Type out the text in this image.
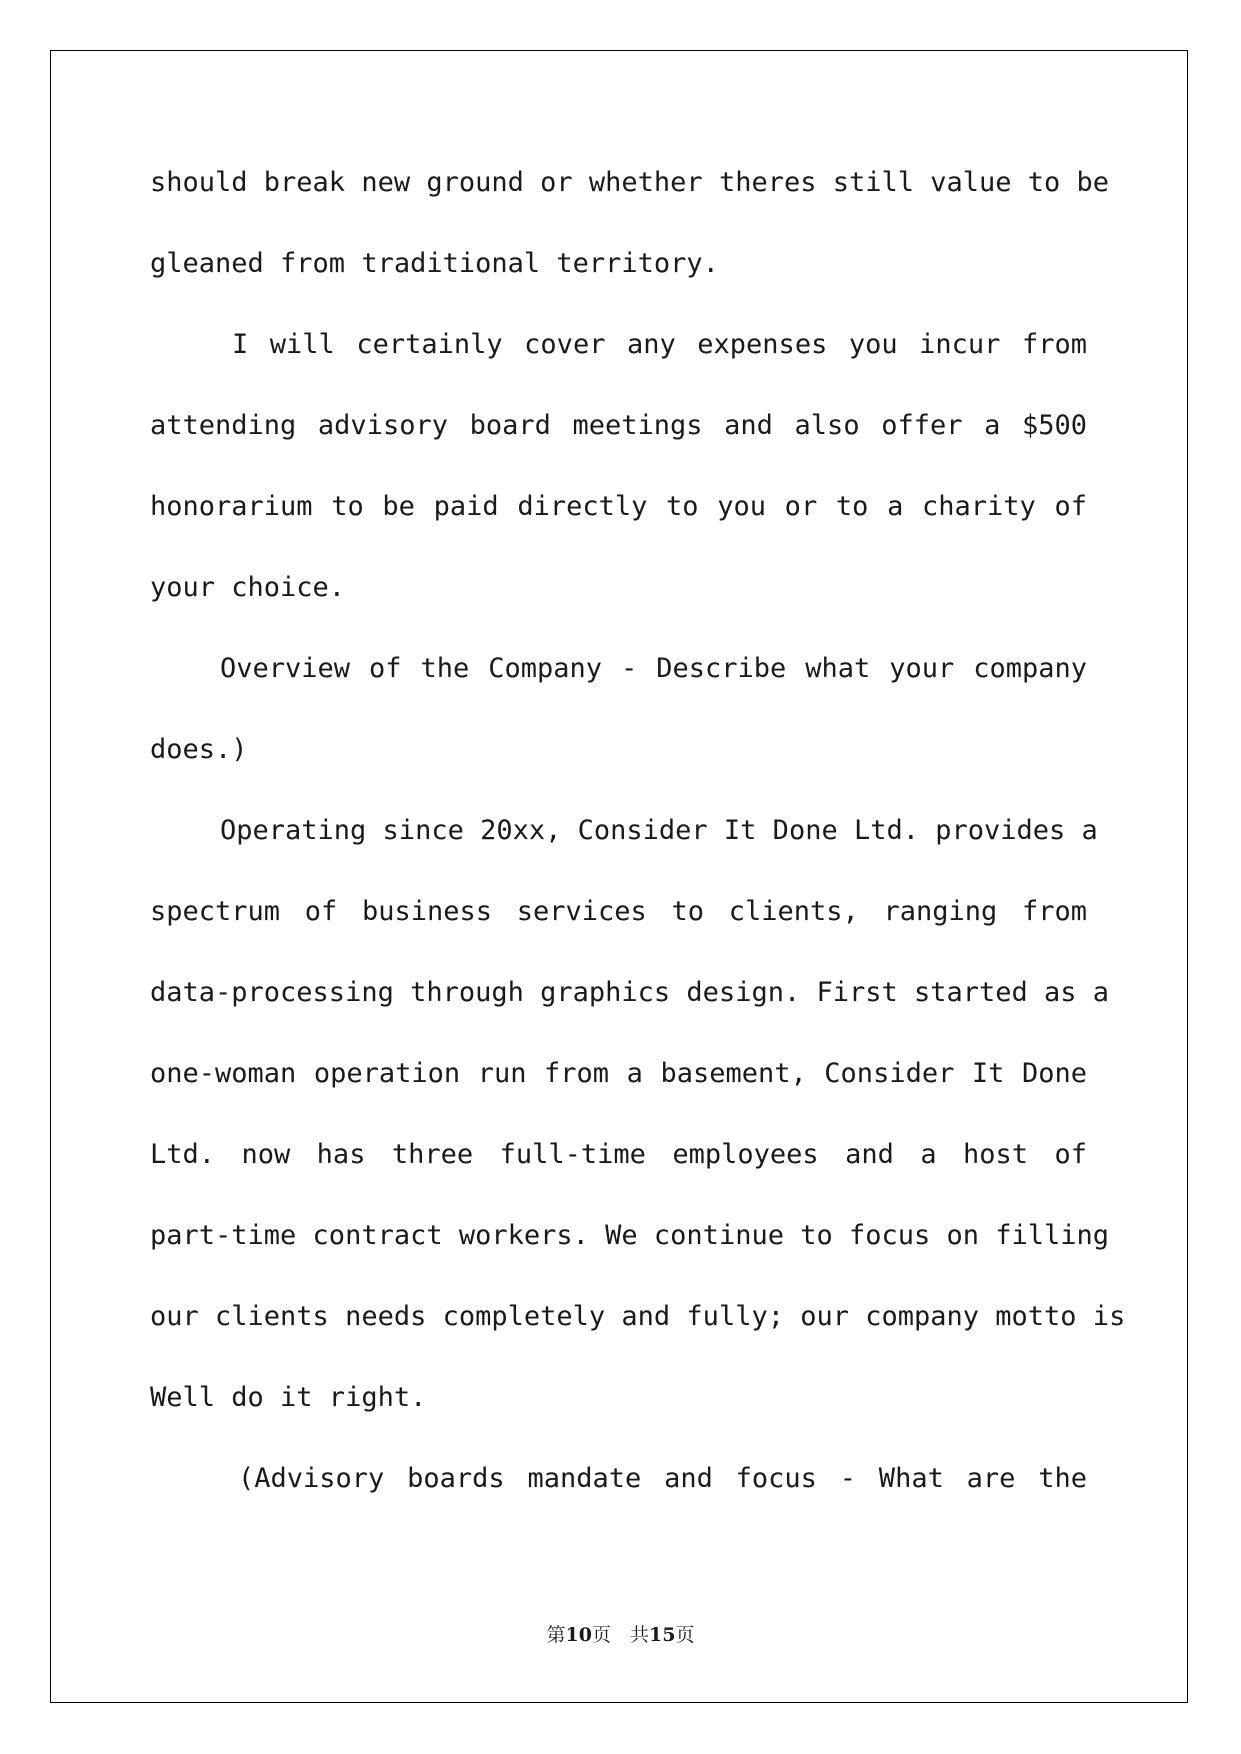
should break new ground or whether theres still value to be
gleaned from traditional territory.
I will certainly cover any expenses you incur from
attending advisory board meetings and also offer a $500
honorarium to be paid directly to you or to a charity of
your choice.
Overview of the Company - Describe what your company
does.)
Operating since 20xx, Consider It Done Ltd. provides a
spectrum of business services to clients, ranging from
data-processing through graphics design. First started as a
one-woman operation run from a basement, Consider It Done
Ltd. now has three full-time employees and a host of
part-time contract workers. We continue to focus on filling
our clients needs completely and fully; our company motto is
Well do it right.
(Advisory boards mandate and focus - What are the
第10页　共15页
